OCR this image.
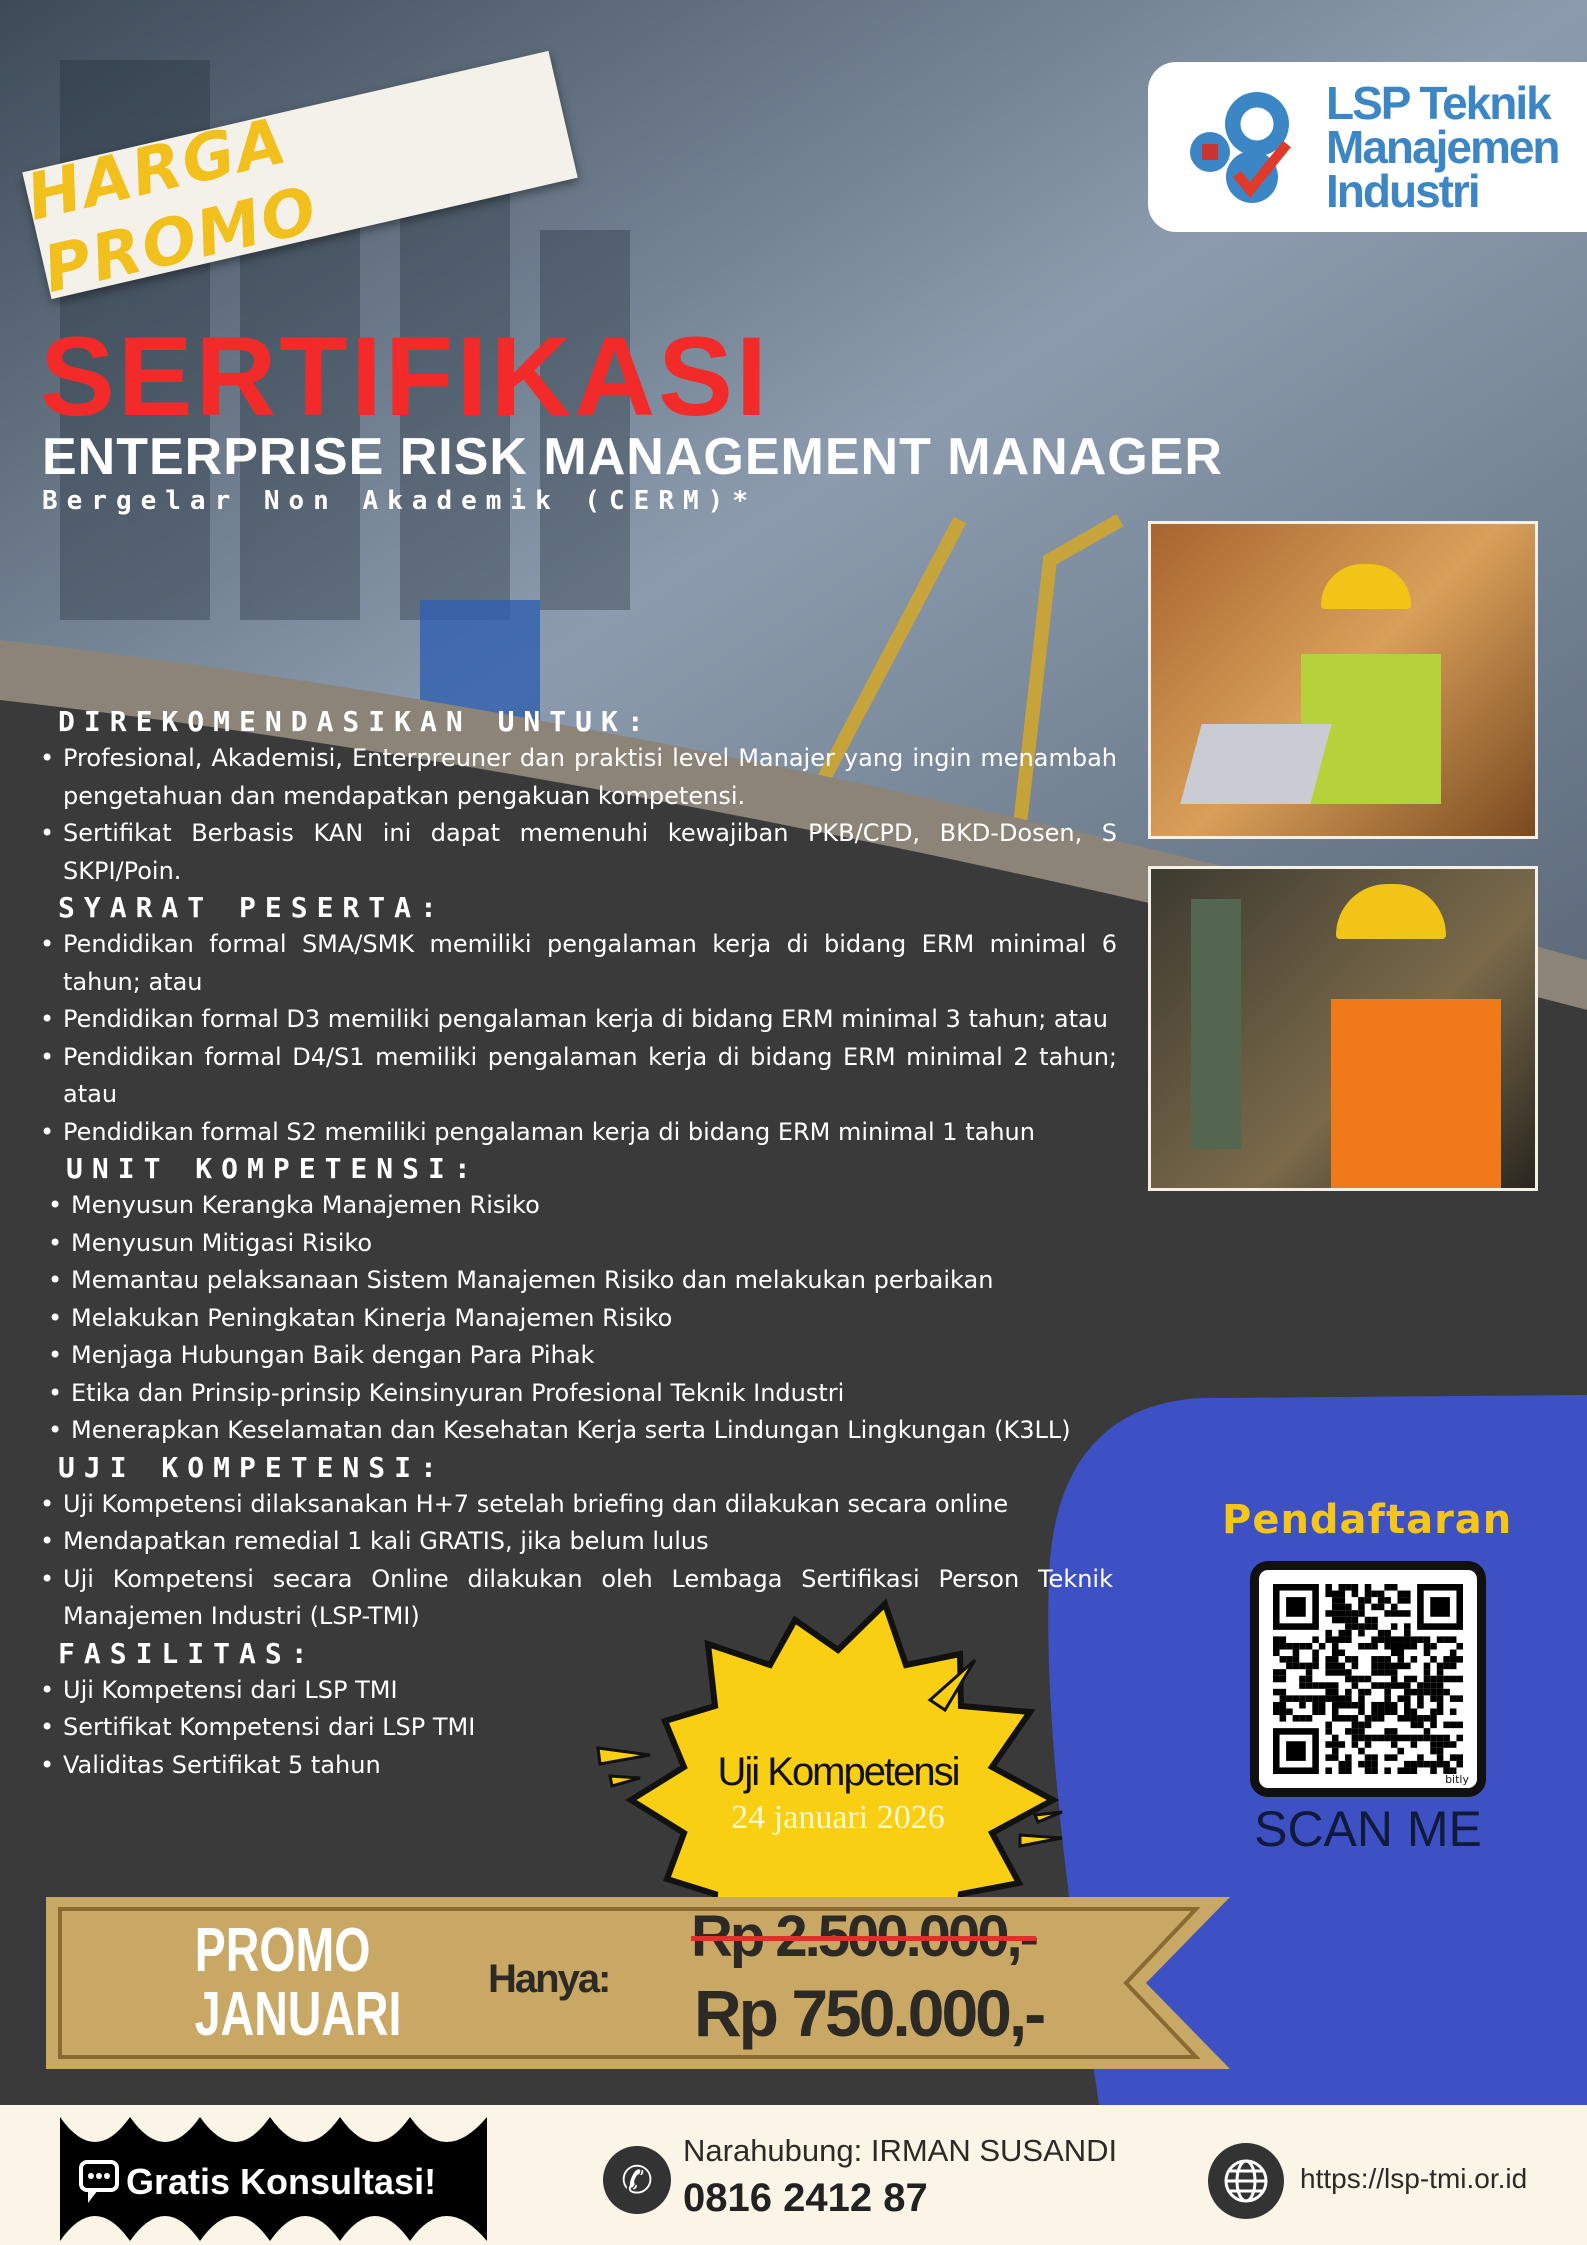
HARGA PROMO
LSP Teknik
Manajemen
Industri
SERTIFIKASI
ENTERPRISE RISK MANAGEMENT MANAGER
Bergelar Non Akademik (CERM)*
DIREKOMENDASIKAN UNTUK:
• Profesional, Akademisi, Enterpreuner dan praktisi level Manajer yang ingin menambah pengetahuan dan mendapatkan pengakuan kompetensi.
• Sertifikat Berbasis KAN ini dapat memenuhi kewajiban PKB/CPD, BKD-Dosen, S SKPI/Poin.
SYARAT PESERTA:
• Pendidikan formal SMA/SMK memiliki pengalaman kerja di bidang ERM minimal 6 tahun; atau
• Pendidikan formal D3 memiliki pengalaman kerja di bidang ERM minimal 3 tahun; atau
• Pendidikan formal D4/S1 memiliki pengalaman kerja di bidang ERM minimal 2 tahun; atau
• Pendidikan formal S2 memiliki pengalaman kerja di bidang ERM minimal 1 tahun
UNIT KOMPETENSI:
• Menyusun Kerangka Manajemen Risiko
• Menyusun Mitigasi Risiko
• Memantau pelaksanaan Sistem Manajemen Risiko dan melakukan perbaikan
• Melakukan Peningkatan Kinerja Manajemen Risiko
• Menjaga Hubungan Baik dengan Para Pihak
• Etika dan Prinsip-prinsip Keinsinyuran Profesional Teknik Industri
• Menerapkan Keselamatan dan Kesehatan Kerja serta Lindungan Lingkungan (K3LL)
UJI KOMPETENSI:
• Uji Kompetensi dilaksanakan H+7 setelah briefing dan dilakukan secara online
• Mendapatkan remedial 1 kali GRATIS, jika belum lulus
• Uji Kompetensi secara Online dilakukan oleh Lembaga Sertifikasi Person Teknik Manajemen Industri (LSP-TMI)
FASILITAS:
• Uji Kompetensi dari LSP TMI
• Sertifikat Kompetensi dari LSP TMI
• Validitas Sertifikat 5 tahun	Uji Kompetensi
24 januari 2026
Pendaftaran
bitly
SCAN ME
PROMO
JANUARI
Hanya:
Rp 2.500.000,-
Rp 750.000,-
Gratis Konsultasi!	✆
Narahubung: IRMAN SUSANDI
0816 2412 87	https://lsp-tmi.or.id
